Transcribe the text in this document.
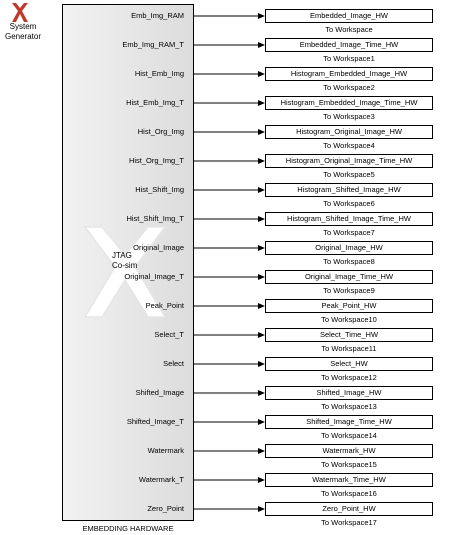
System
Generator
JTAG
Co-sim
EMBEDDING HARDWARE
Emb_Img_RAM	Embedded_Image_HW
To Workspace
Emb_Img_RAM_T	Embedded_Image_Time_HW
To Workspace1
Hist_Emb_Img	Histogram_Embedded_Image_HW
To Workspace2
Hist_Emb_Img_T	Histogram_Embedded_Image_Time_HW
To Workspace3
Hist_Org_Img	Histogram_Original_Image_HW
To Workspace4
Hist_Org_Img_T	Histogram_Original_Image_Time_HW
To Workspace5
Hist_Shift_Img	Histogram_Shifted_Image_HW
To Workspace6
Hist_Shift_Img_T	Histogram_Shifted_Image_Time_HW
To Workspace7
Original_Image	Original_Image_HW
To Workspace8
Original_Image_T	Original_Image_Time_HW
To Workspace9
Peak_Point	Peak_Point_HW
To Workspace10
Select_T	Select_Time_HW
To Workspace11
Select	Select_HW
To Workspace12
Shifted_Image	Shifted_Image_HW
To Workspace13
Shifted_Image_T	Shifted_Image_Time_HW
To Workspace14
Watermark	Watermark_HW
To Workspace15
Watermark_T	Watermark_Time_HW
To Workspace16
Zero_Point	Zero_Point_HW
To Workspace17
